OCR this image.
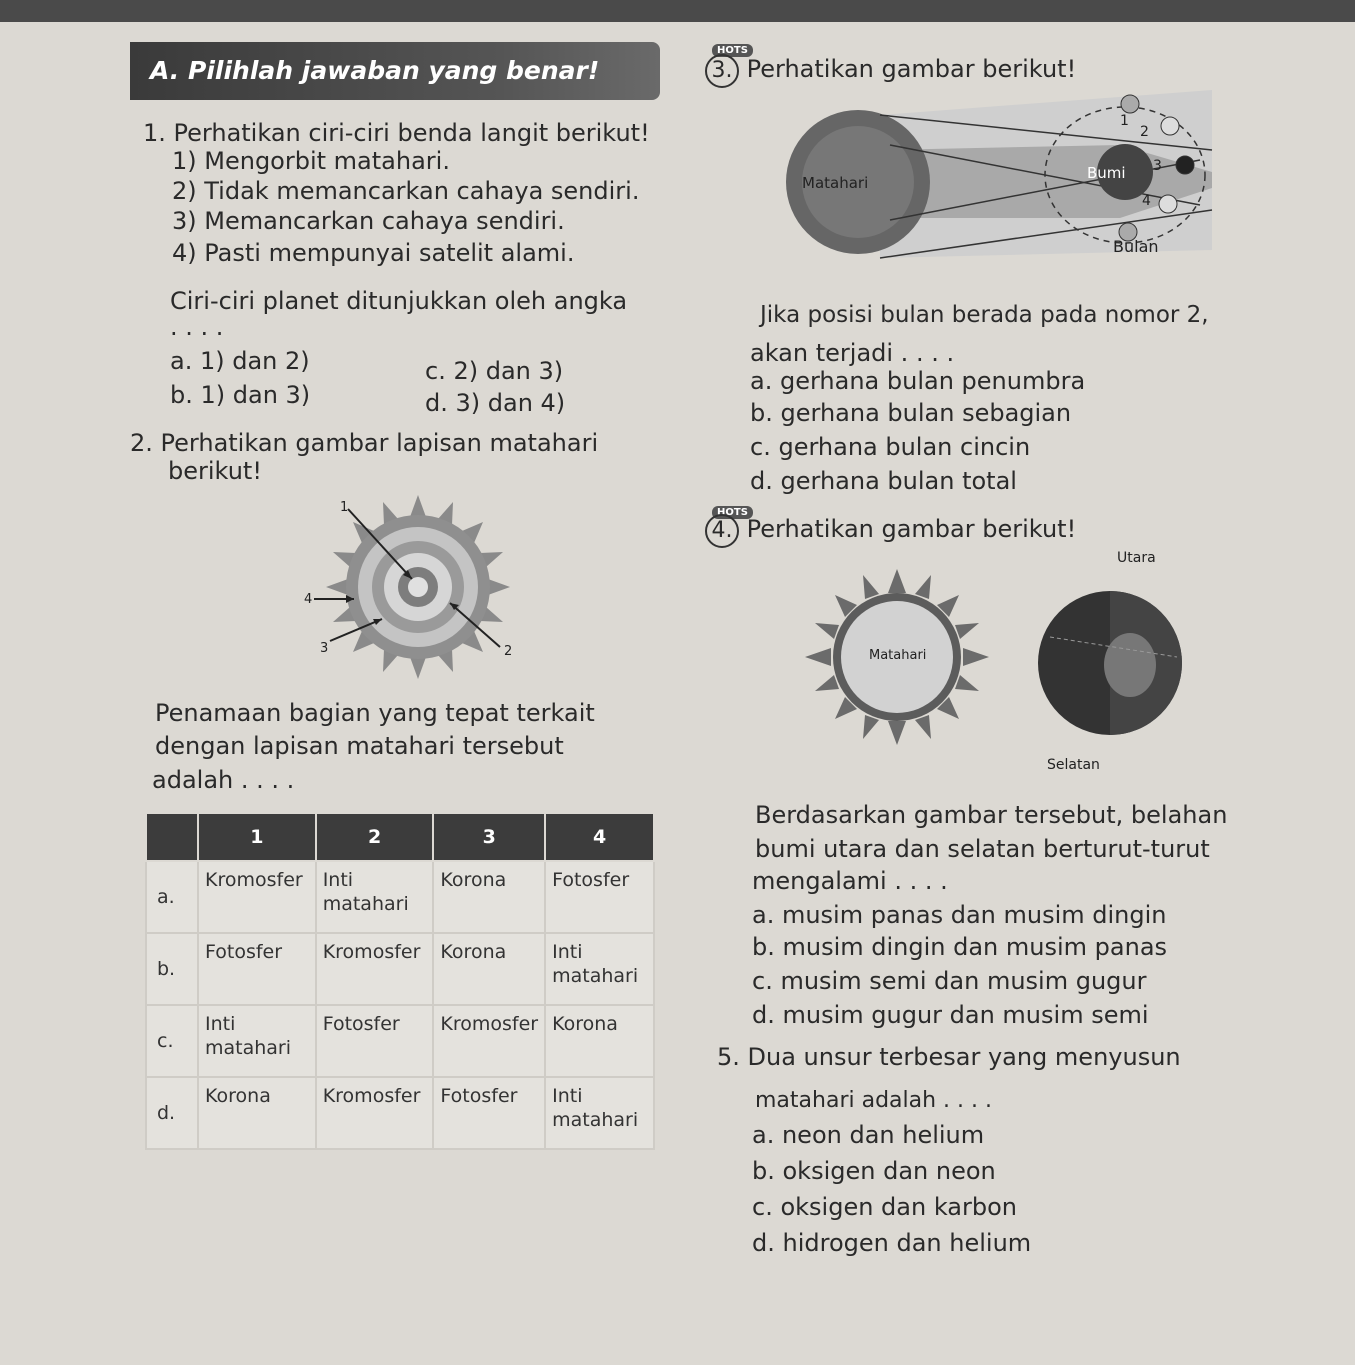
A. Pilihlah jawaban yang benar!
1. Perhatikan ciri-ciri benda langit berikut!
1) Mengorbit matahari.
2) Tidak memancarkan cahaya sendiri.
3) Memancarkan cahaya sendiri.
4) Pasti mempunyai satelit alami.
Ciri-ciri planet ditunjukkan oleh angka
. . . .
a. 1) dan 2)
b. 1) dan 3)
c. 2) dan 3)
d. 3) dan 4)
2. Perhatikan gambar lapisan matahari
berikut!
1
2
3
4
Penamaan bagian yang tepat terkait
dengan lapisan matahari tersebut
adalah . . . .
	1	2	3	4
a.	Kromosfer	Inti matahari	Korona	Fotosfer
b.	Fotosfer	Kromosfer	Korona	Inti matahari
c.	Inti matahari	Fotosfer	Kromosfer	Korona
d.	Korona	Kromosfer	Fotosfer	Inti matahari
HOTS
3. Perhatikan gambar berikut!
Matahari
Bumi
Bulan
1
2
3
4
Jika posisi bulan berada pada nomor 2,
akan terjadi . . . .
a. gerhana bulan penumbra
b. gerhana bulan sebagian
c. gerhana bulan cincin
d. gerhana bulan total
HOTS
4. Perhatikan gambar berikut!
Matahari
Utara
Selatan
Berdasarkan gambar tersebut, belahan
bumi utara dan selatan berturut-turut
mengalami . . . .
a. musim panas dan musim dingin
b. musim dingin dan musim panas
c. musim semi dan musim gugur
d. musim gugur dan musim semi
5. Dua unsur terbesar yang menyusun
matahari adalah . . . .
a. neon dan helium
b. oksigen dan neon
c. oksigen dan karbon
d. hidrogen dan helium
